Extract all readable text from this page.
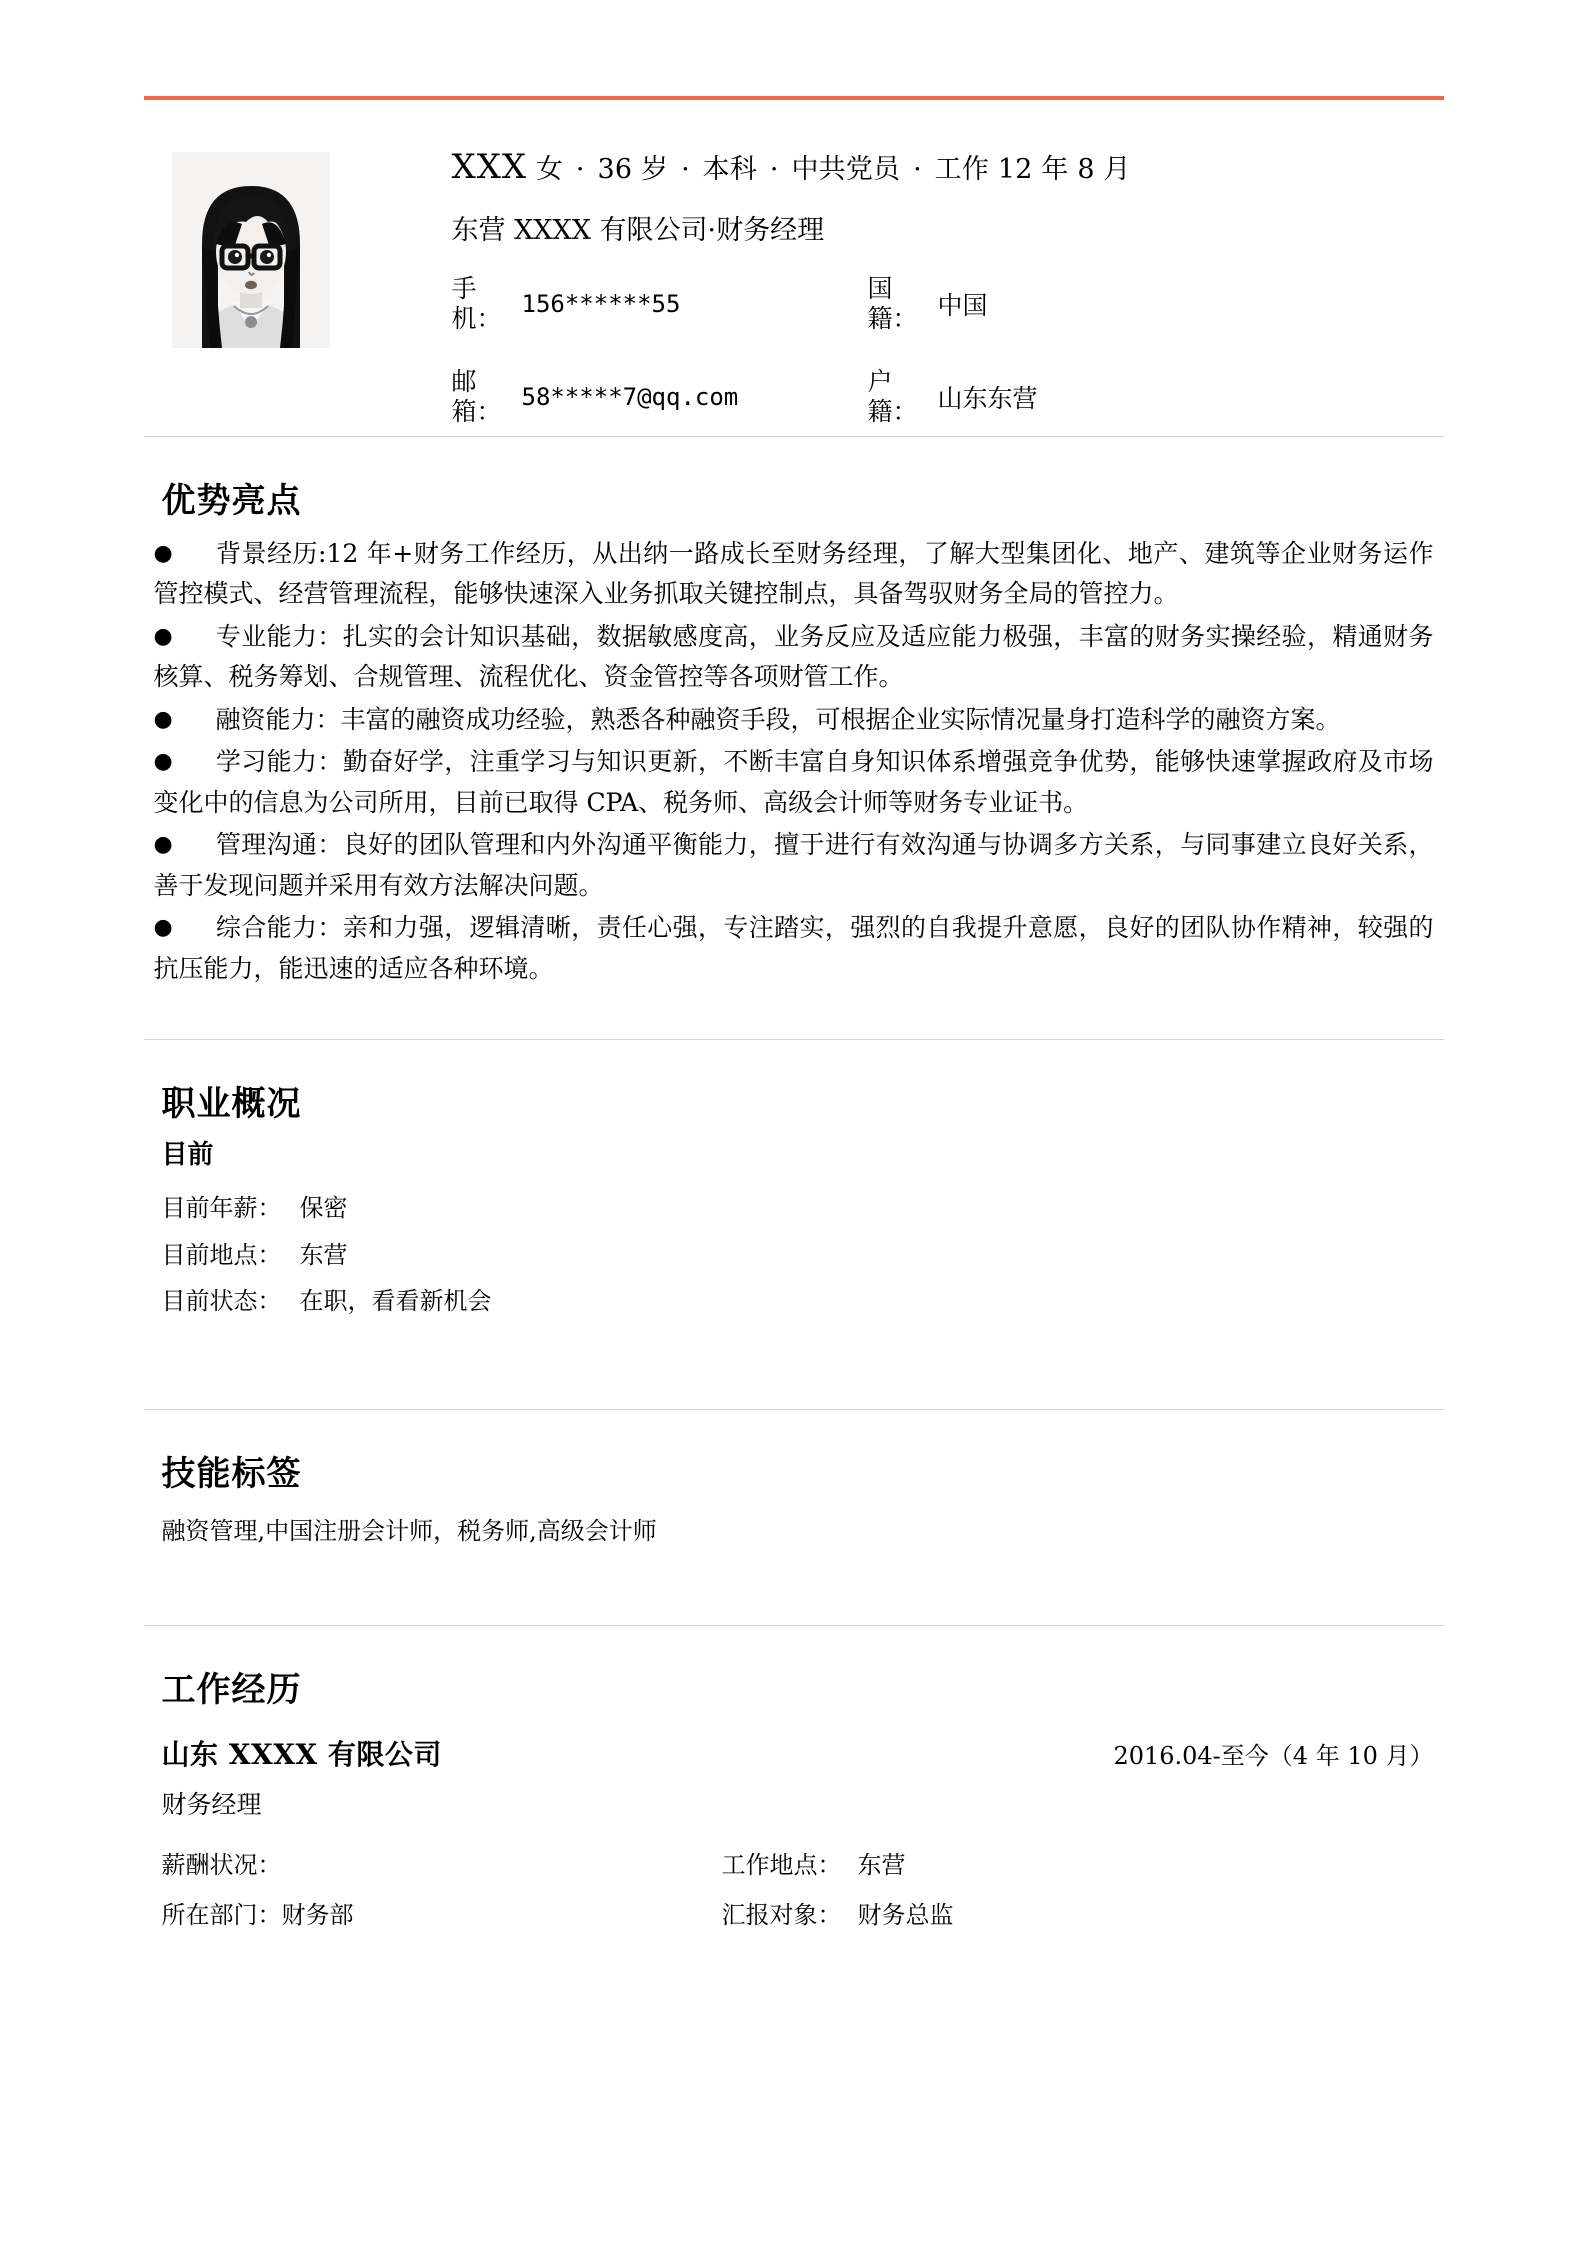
XXX 女 · 36 岁 · 本科 · 中共党员 · 工作 12 年 8 月
东营 XXXX 有限公司·财务经理
手机： 156******55
国籍： 中国
邮箱： 58*****7@qq.com
户籍： 山东东营
优势亮点
● 背景经历:12 年+财务工作经历，从出纳一路成长至财务经理，了解大型集团化、地产、建筑等企业财务运作管控模式、经营管理流程，能够快速深入业务抓取关键控制点，具备驾驭财务全局的管控力。
● 专业能力：扎实的会计知识基础，数据敏感度高，业务反应及适应能力极强，丰富的财务实操经验，精通财务核算、税务筹划、合规管理、流程优化、资金管控等各项财管工作。
● 融资能力：丰富的融资成功经验，熟悉各种融资手段，可根据企业实际情况量身打造科学的融资方案。
● 学习能力：勤奋好学，注重学习与知识更新，不断丰富自身知识体系增强竞争优势，能够快速掌握政府及市场变化中的信息为公司所用，目前已取得 CPA、税务师、高级会计师等财务专业证书。
● 管理沟通：良好的团队管理和内外沟通平衡能力，擅于进行有效沟通与协调多方关系，与同事建立良好关系，善于发现问题并采用有效方法解决问题。
● 综合能力：亲和力强，逻辑清晰，责任心强，专注踏实，强烈的自我提升意愿，良好的团队协作精神，较强的抗压能力，能迅速的适应各种环境。
职业概况
目前
目前年薪： 保密
目前地点： 东营
目前状态： 在职，看看新机会
技能标签
融资管理,中国注册会计师，税务师,高级会计师
工作经历
山东 XXXX 有限公司	2016.04-至今（4 年 10 月）
财务经理
薪酬状况：	工作地点： 东营
所在部门：财务部	汇报对象： 财务总监
